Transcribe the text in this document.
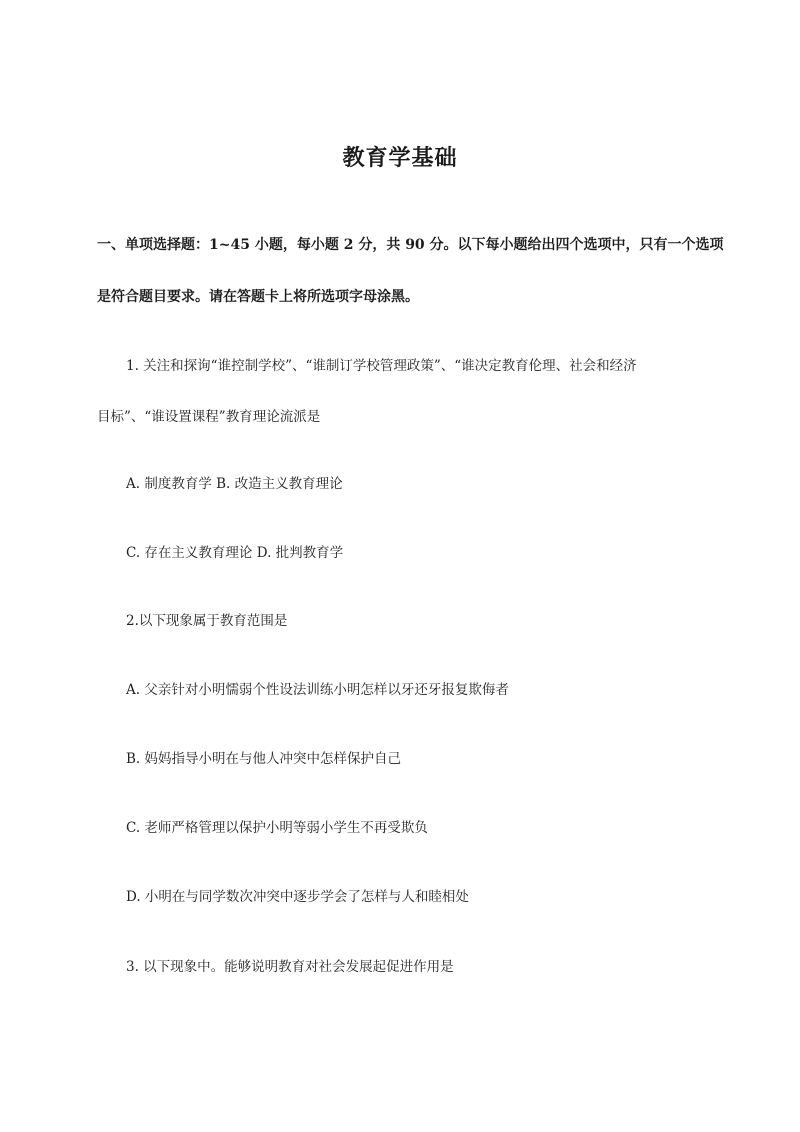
教育学基础

一、单项选择题：1~45 小题，每小题 2 分，共 90 分。以下每小题给出四个选项中，只有一个选项

是符合题目要求。请在答题卡上将所选项字母涂黑。

1. 关注和探询“谁控制学校”、“谁制订学校管理政策”、“谁决定教育伦理、社会和经济

目标”、“谁设置课程”教育理论流派是

A. 制度教育学 B. 改造主义教育理论

C. 存在主义教育理论 D. 批判教育学

2.以下现象属于教育范围是

A. 父亲针对小明懦弱个性设法训练小明怎样以牙还牙报复欺侮者

B. 妈妈指导小明在与他人冲突中怎样保护自己

C. 老师严格管理以保护小明等弱小学生不再受欺负

D. 小明在与同学数次冲突中逐步学会了怎样与人和睦相处

3. 以下现象中。能够说明教育对社会发展起促进作用是
